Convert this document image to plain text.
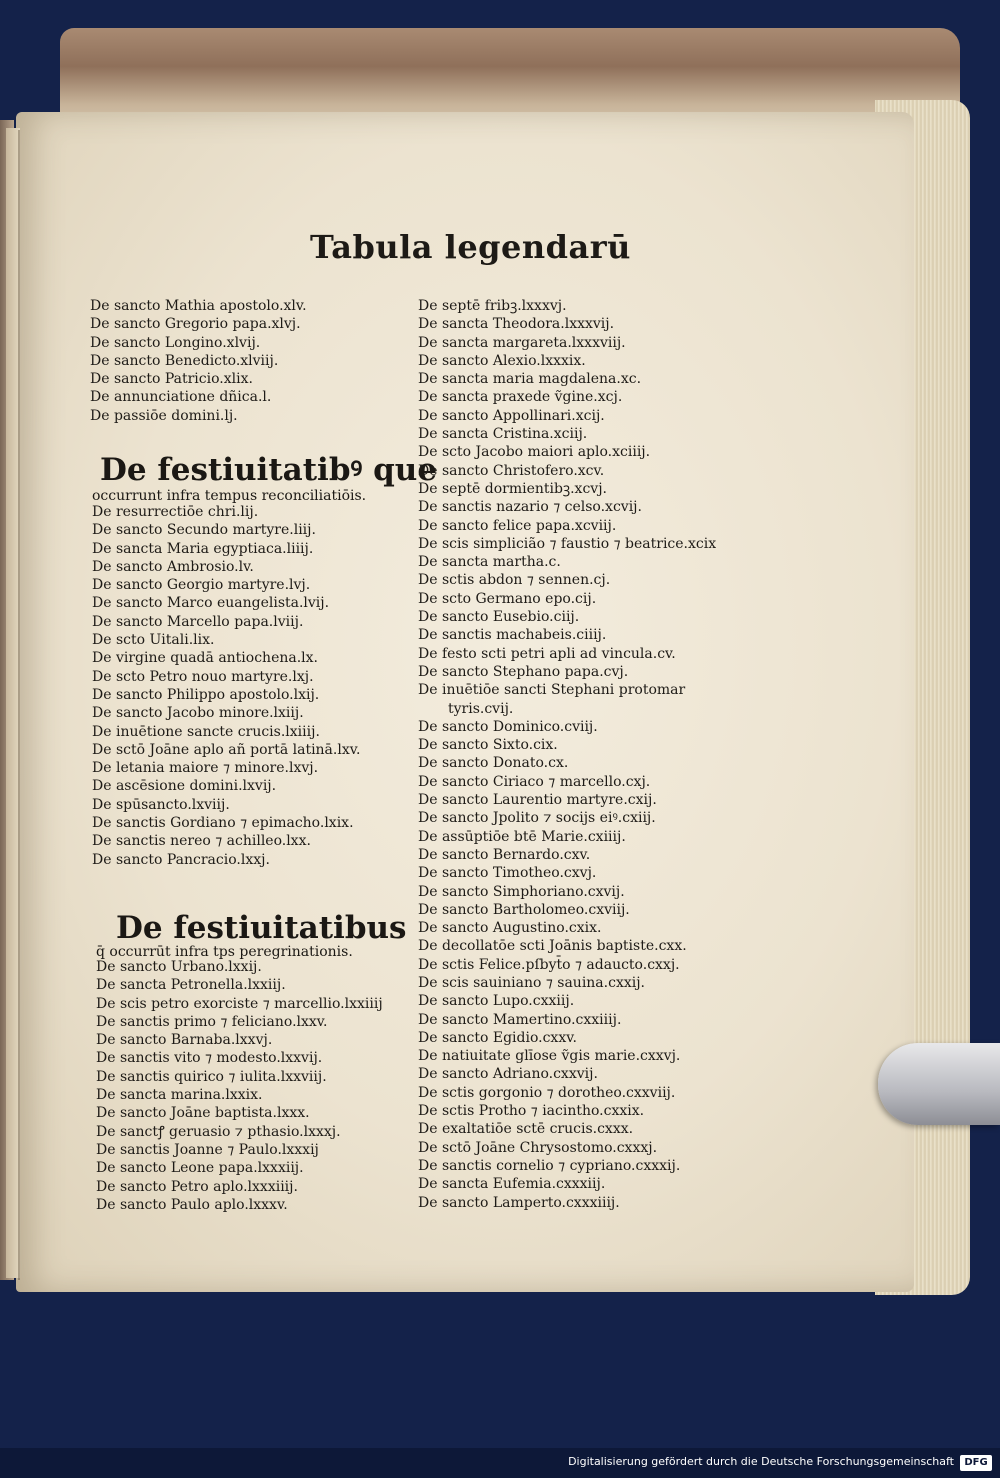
Tabula legendarū
De sancto Mathia apostolo.xlv.
De sancto Gregorio papa.xlvj.
De sancto Longino.xlvij.
De sancto Benedicto.xlviij.
De sancto Patricio.xlix.
De annunciatione dñica.l.
De passiōe domini.lj.
De festiuitatibꝰ que
occurrunt infra tempus reconciliatiōis.
De resurrectiōe chri.lij.
De sancto Secundo martyre.liij.
De sancta Maria egyptiaca.liiij.
De sancto Ambrosio.lv.
De sancto Georgio martyre.lvj.
De sancto Marco euangelista.lvij.
De sancto Marcello papa.lviij.
De scto Uitali.lix.
De virgine quadā antiochena.lx.
De scto Petro nouo martyre.lxj.
De sancto Philippo apostolo.lxij.
De sancto Jacobo minore.lxiij.
De inuētione sancte crucis.lxiiij.
De sctō Joāne aplo añ portā latinā.lxv.
De letania maiore ⁊ minore.lxvj.
De ascēsione domini.lxvij.
De spūsancto.lxviij.
De sanctis Gordiano ⁊ epimacho.lxix.
De sanctis nereo ⁊ achilleo.lxx.
De sancto Pancracio.lxxj.
De festiuitatibus
q̄ occurrūt infra tps peregrinationis.
De sancto Urbano.lxxij.
De sancta Petronella.lxxiij.
De scis petro exorciste ⁊ marcellio.lxxiiij
De sanctis primo ⁊ feliciano.lxxv.
De sancto Barnaba.lxxvj.
De sanctis vito ⁊ modesto.lxxvij.
De sanctis quirico ⁊ iulita.lxxviij.
De sancta marina.lxxix.
De sancto Joāne baptista.lxxx.
De sanctꝭ geruasio ⁊ pthasio.lxxxj.
De sanctis Joanne ⁊ Paulo.lxxxij
De sancto Leone papa.lxxxiij.
De sancto Petro aplo.lxxxiiij.
De sancto Paulo aplo.lxxxv.
De septē fribꝫ.lxxxvj.
De sancta Theodora.lxxxvij.
De sancta margareta.lxxxviij.
De sancto Alexio.lxxxix.
De sancta maria magdalena.xc.
De sancta praxede ṽgine.xcj.
De sancto Appollinari.xcij.
De sancta Cristina.xciij.
De scto Jacobo maiori aplo.xciiij.
De sancto Christofero.xcv.
De septē dormientibꝫ.xcvj.
De sanctis nazario ⁊ celso.xcvij.
De sancto felice papa.xcviij.
De scis simplicião ⁊ faustio ⁊ beatrice.xcix
De sancta martha.c.
De sctis abdon ⁊ sennen.cj.
De scto Germano epo.cij.
De sancto Eusebio.ciij.
De sanctis machabeis.ciiij.
De festo scti petri apli ad vincula.cv.
De sancto Stephano papa.cvj.
De inuētiōe sancti Stephani protomar
tyris.cvij.
De sancto Dominico.cviij.
De sancto Sixto.cix.
De sancto Donato.cx.
De sancto Ciriaco ⁊ marcello.cxj.
De sancto Laurentio martyre.cxij.
De sancto Jpolito ⁊ socijs eiꝰ.cxiij.
De assūptiōe btē Marie.cxiiij.
De sancto Bernardo.cxv.
De sancto Timotheo.cxvj.
De sancto Simphoriano.cxvij.
De sancto Bartholomeo.cxviij.
De sancto Augustino.cxix.
De decollatōe scti Joānis baptiste.cxx.
De sctis Felice.pſbyt̄o ⁊ adaucto.cxxj.
De scis sauiniano ⁊ sauina.cxxij.
De sancto Lupo.cxxiij.
De sancto Mamertino.cxxiiij.
De sancto Egidio.cxxv.
De natiuitate glīose ṽgis marie.cxxvj.
De sancto Adriano.cxxvij.
De sctis gorgonio ⁊ dorotheo.cxxviij.
De sctis Protho ⁊ iacintho.cxxix.
De exaltatiōe sctē crucis.cxxx.
De sctō Joāne Chrysostomo.cxxxj.
De sanctis cornelio ⁊ cypriano.cxxxij.
De sancta Eufemia.cxxxiij.
De sancto Lamperto.cxxxiiij.
Digitalisierung gefördert durch die Deutsche Forschungsgemeinschaft	DFG
